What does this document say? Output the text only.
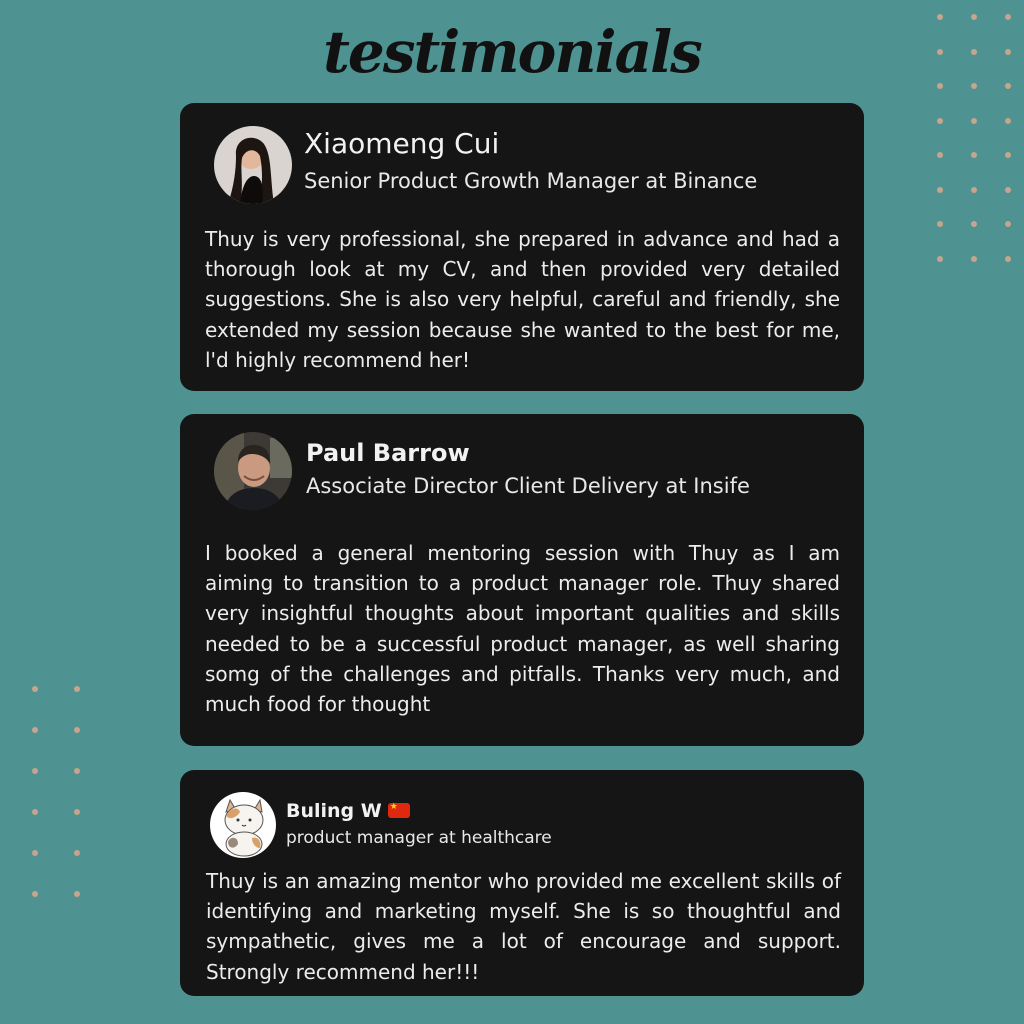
testimonials
Xiaomeng Cui
Senior Product Growth Manager at Binance
Thuy is very professional, she prepared in advance and had a thorough look at my CV, and then provided very detailed suggestions. She is also very helpful, careful and friendly, she extended my session because she wanted to the best for me, l'd highly recommend her!
Paul Barrow
Associate Director Client Delivery at Insife
I booked a general mentoring session with Thuy as I am aiming to transition to a product manager role. Thuy shared very insightful thoughts about important qualities and skills needed to be a successful product manager, as well sharing somg of the challenges and pitfalls. Thanks very much, and much food for thought
Buling W★
product manager at healthcare
Thuy is an amazing mentor who provided me excellent skills of identifying and marketing myself. She is so thoughtful and sympathetic, gives me a lot of encourage and support. Strongly recommend her!!!
